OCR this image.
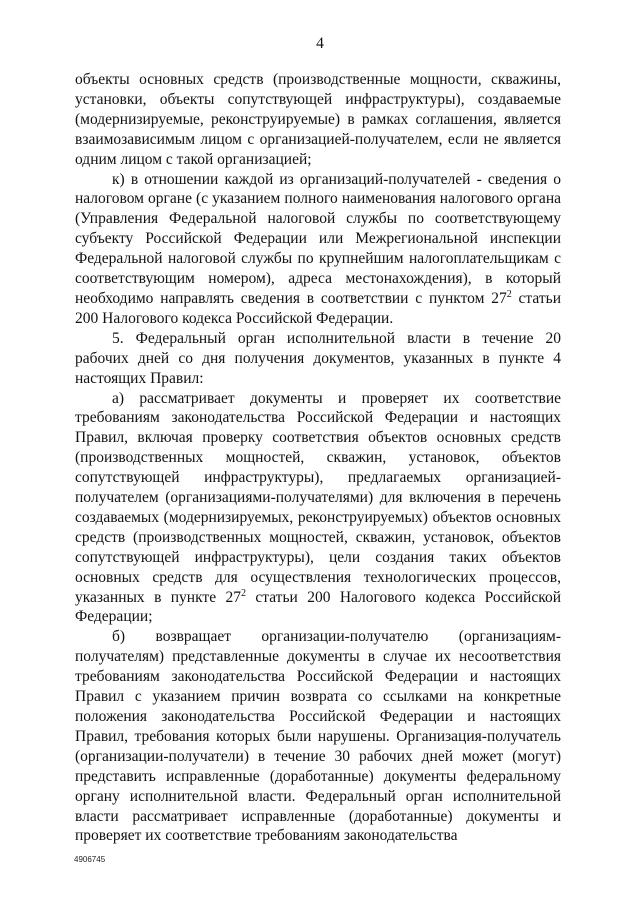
4

объекты основных средств (производственные мощности, скважины, установки, объекты сопутствующей инфраструктуры), создаваемые (модернизируемые, реконструируемые) в рамках соглашения, является взаимозависимым лицом с организацией-получателем, если не является одним лицом с такой организацией;

к) в отношении каждой из организаций-получателей - сведения о налоговом органе (с указанием полного наименования налогового органа (Управления Федеральной налоговой службы по соответствующему субъекту Российской Федерации или Межрегиональной инспекции Федеральной налоговой службы по крупнейшим налогоплательщикам с соответствующим номером), адреса местонахождения), в который необходимо направлять сведения в соответствии с пунктом $27^2$ статьи 200 Налогового кодекса Российской Федерации.

5. Федеральный орган исполнительной власти в течение 20 рабочих дней со дня получения документов, указанных в пункте 4 настоящих Правил:

а) рассматривает документы и проверяет их соответствие требованиям законодательства Российской Федерации и настоящих Правил, включая проверку соответствия объектов основных средств (производственных мощностей, скважин, установок, объектов сопутствующей инфраструктуры), предлагаемых организацией-получателем (организациями-получателями) для включения в перечень создаваемых (модернизируемых, реконструируемых) объектов основных средств (производственных мощностей, скважин, установок, объектов сопутствующей инфраструктуры), цели создания таких объектов основных средств для осуществления технологических процессов, указанных в пункте $27^2$ статьи 200 Налогового кодекса Российской Федерации;

б) возвращает организации-получателю (организациям-получателям) представленные документы в случае их несоответствия требованиям законодательства Российской Федерации и настоящих Правил с указанием причин возврата со ссылками на конкретные положения законодательства Российской Федерации и настоящих Правил, требования которых были нарушены. Организация-получатель (организации-получатели) в течение 30 рабочих дней может (могут) представить исправленные (доработанные) документы федеральному органу исполнительной власти. Федеральный орган исполнительной власти рассматривает исправленные (доработанные) документы и проверяет их соответствие требованиям законодательства

4906745
